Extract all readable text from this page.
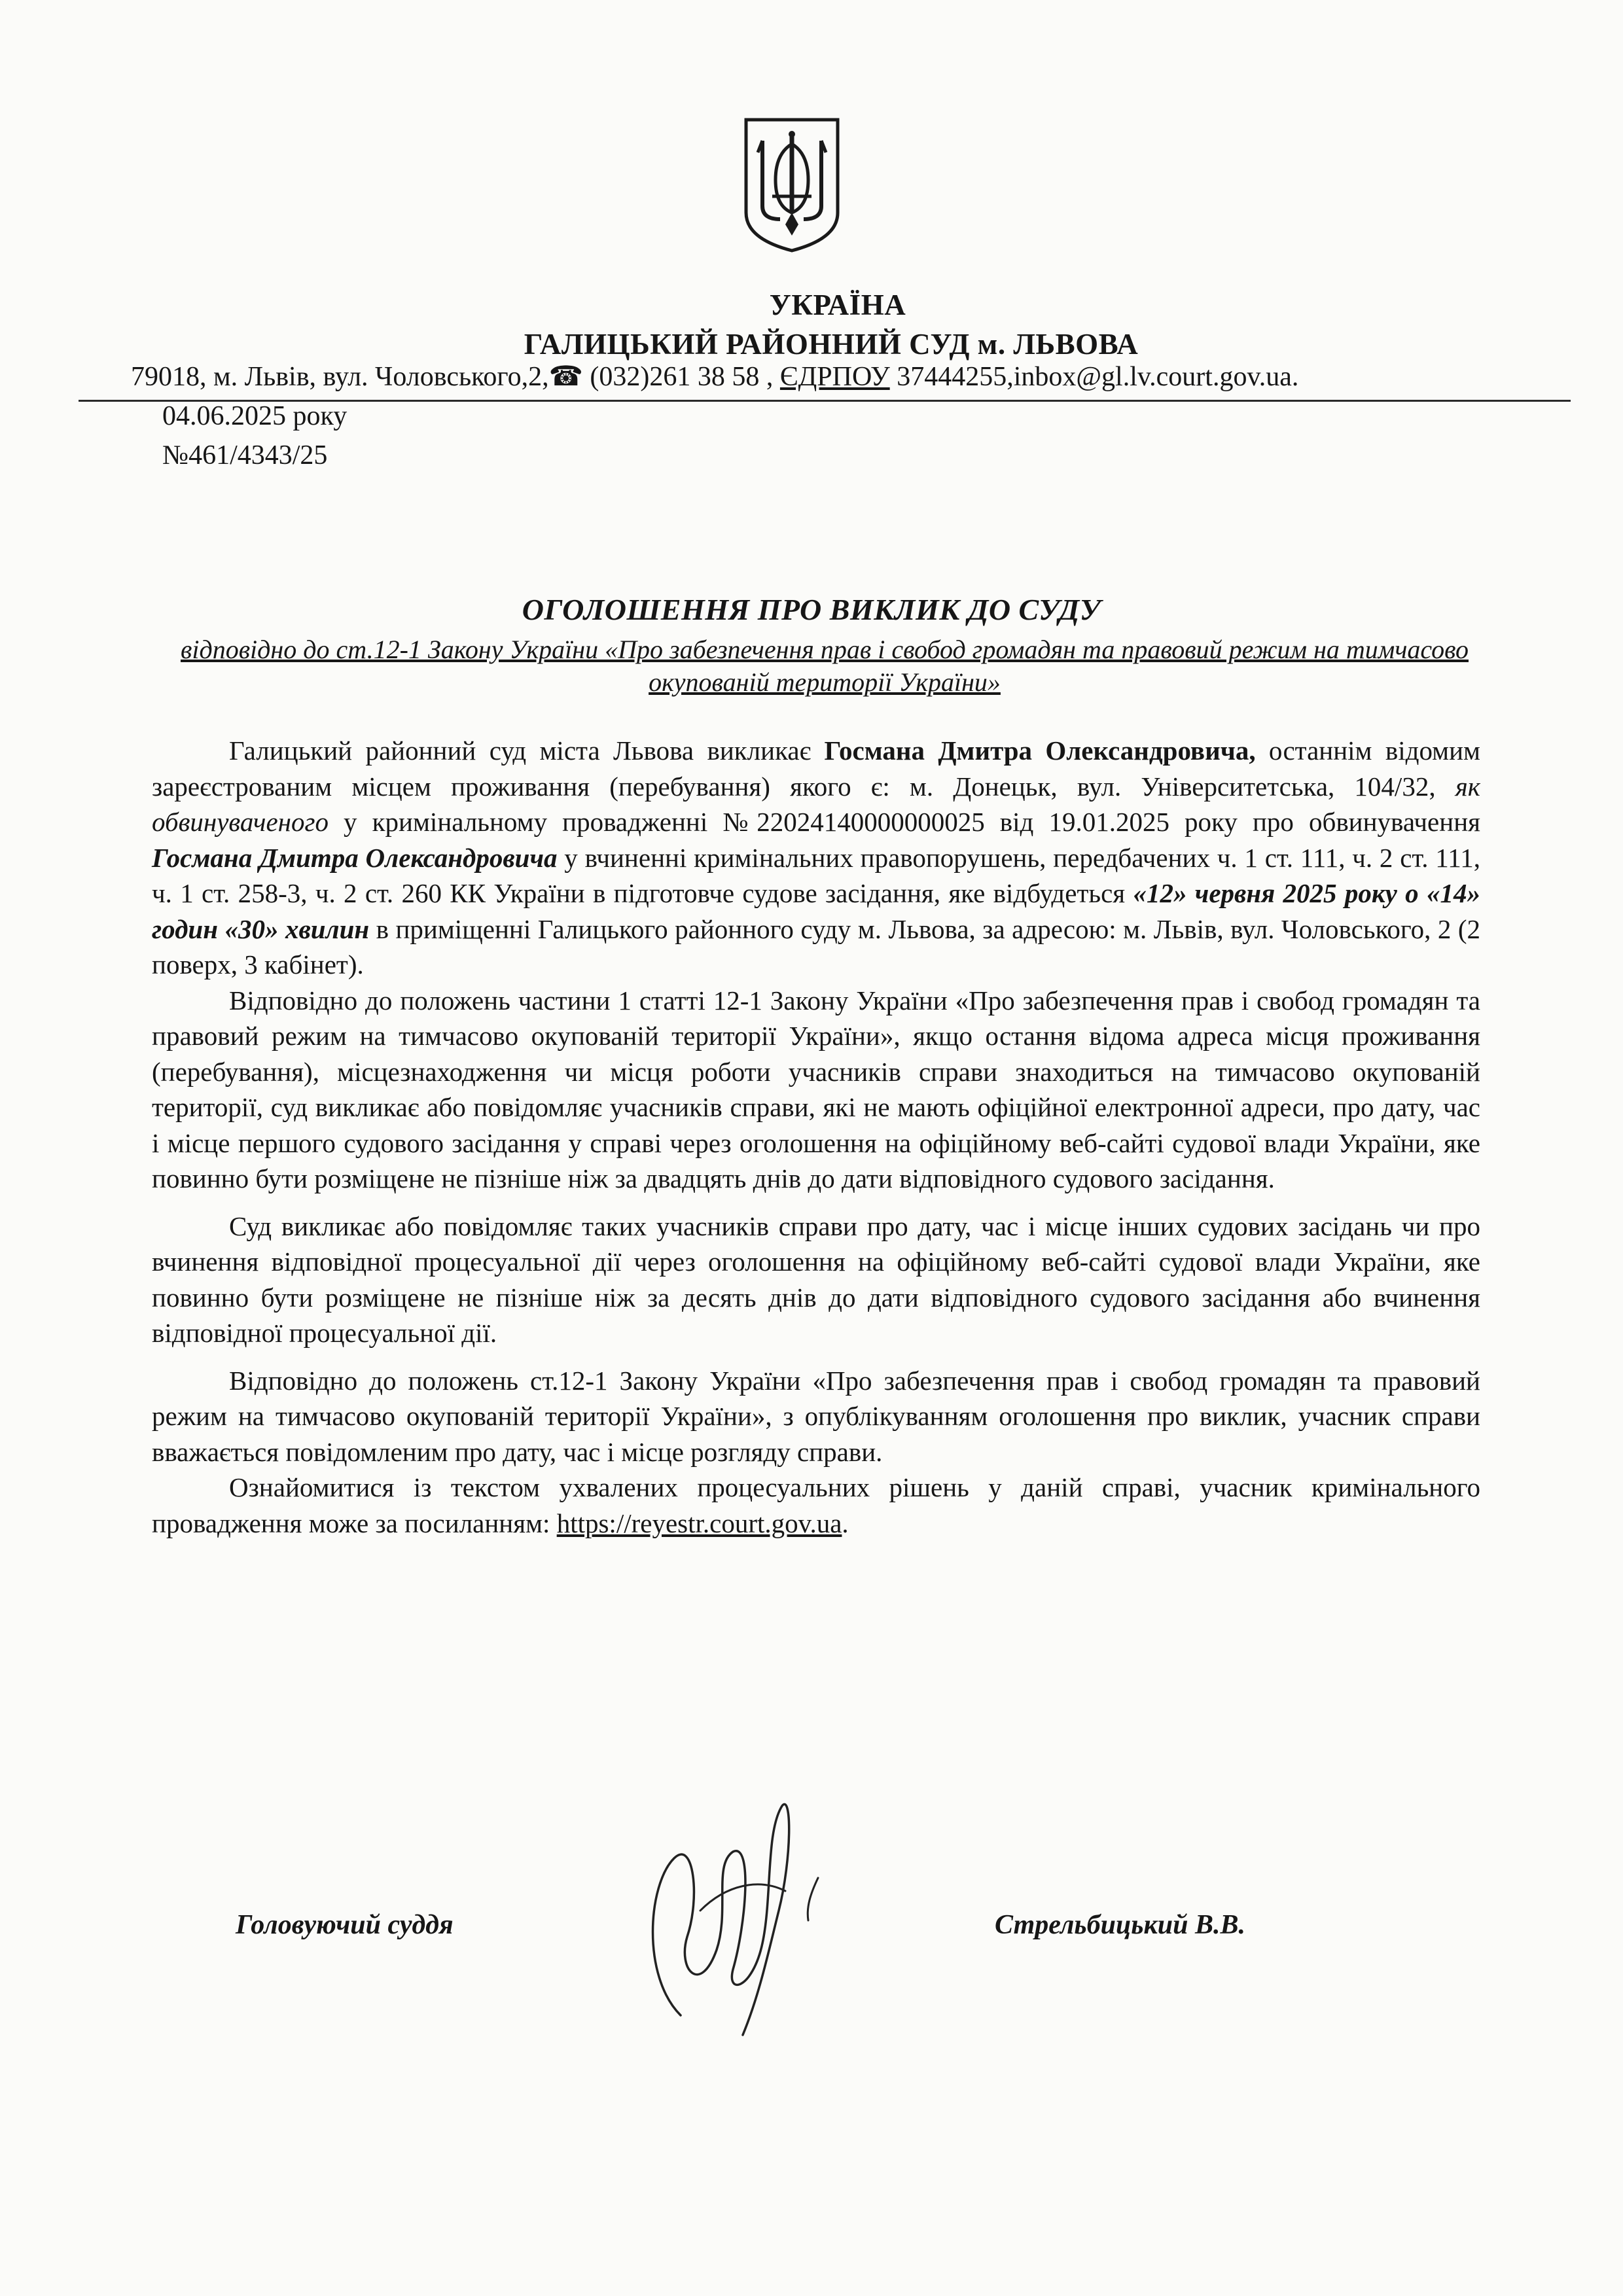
УКРАЇНА
ГАЛИЦЬКИЙ РАЙОННИЙ СУД м. ЛЬВОВА
79018, м. Львів, вул. Чоловського,2,☎ (032)261 38 58 , ЄДРПОУ 37444255,inbox@gl.lv.court.gov.ua.
04.06.2025 року
№461/4343/25
ОГОЛОШЕННЯ ПРО ВИКЛИК ДО СУДУ
відповідно до ст.12-1 Закону України «Про забезпечення прав і свобод громадян та правовий режим на тимчасово окупованій території України»

Галицький районний суд міста Львова викликає Госмана Дмитра Олександровича, останнім відомим зареєстрованим місцем проживання (перебування) якого є: м. Донецьк, вул. Університетська, 104/32, як обвинуваченого у кримінальному провадженні №22024140000000025 від 19.01.2025 року про обвинувачення Госмана Дмитра Олександровича у вчиненні кримінальних правопорушень, передбачених ч. 1 ст. 111, ч. 2 ст. 111, ч. 1 ст. 258-3, ч. 2 ст. 260 КК України в підготовче судове засідання, яке відбудеться «12» червня 2025 року о «14» годин «30» хвилин в приміщенні Галицького районного суду м. Львова, за адресою: м. Львів, вул. Чоловського, 2 (2 поверх, 3 кабінет).

Відповідно до положень частини 1 статті 12-1 Закону України «Про забезпечення прав і свобод громадян та правовий режим на тимчасово окупованій території України», якщо остання відома адреса місця проживання (перебування), місцезнаходження чи місця роботи учасників справи знаходиться на тимчасово окупованій території, суд викликає або повідомляє учасників справи, які не мають офіційної електронної адреси, про дату, час і місце першого судового засідання у справі через оголошення на офіційному веб-сайті судової влади України, яке повинно бути розміщене не пізніше ніж за двадцять днів до дати відповідного судового засідання.

Суд викликає або повідомляє таких учасників справи про дату, час і місце інших судових засідань чи про вчинення відповідної процесуальної дії через оголошення на офіційному веб-сайті судової влади України, яке повинно бути розміщене не пізніше ніж за десять днів до дати відповідного судового засідання або вчинення відповідної процесуальної дії.

Відповідно до положень ст.12-1 Закону України «Про забезпечення прав і свобод громадян та правовий режим на тимчасово окупованій території України», з опублікуванням оголошення про виклик, учасник справи вважається повідомленим про дату, час і місце розгляду справи.

Ознайомитися із текстом ухвалених процесуальних рішень у даній справі, учасник кримінального провадження може за посиланням: https://reyestr.court.gov.ua.

Головуючий суддя	Стрельбицький В.В.
